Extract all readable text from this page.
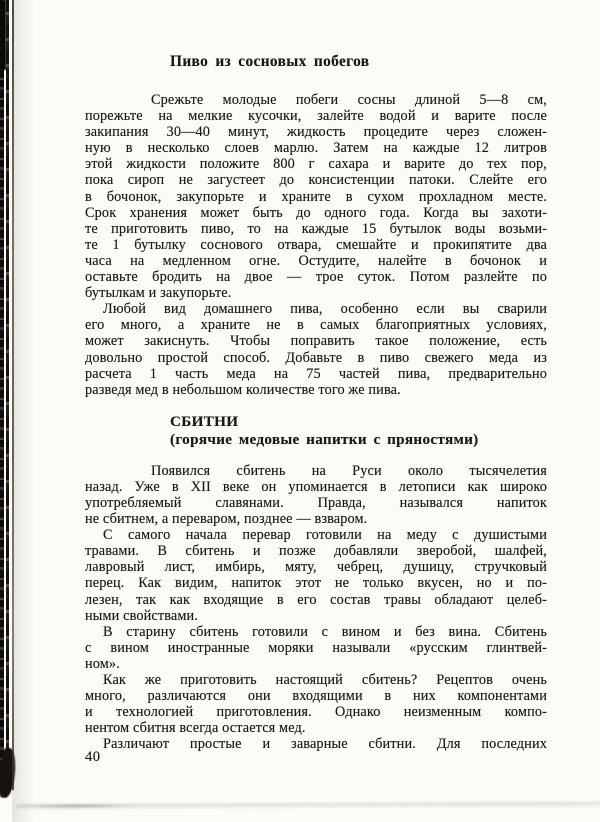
Пиво из сосновых побегов
Срежьте молодые побеги сосны длиной 5—8 см,
порежьте на мелкие кусочки, залейте водой и варите после
закипания 30—40 минут, жидкость процедите через сложен-
ную в несколько слоев марлю. Затем на каждые 12 литров
этой жидкости положите 800 г сахара и варите до тех пор,
пока сироп не загустеет до консистенции патоки. Слейте его
в бочонок, закупорьте и храните в сухом прохладном месте.
Срок хранения может быть до одного года. Когда вы захоти-
те приготовить пиво, то на каждые 15 бутылок воды возьми-
те 1 бутылку соснового отвара, смешайте и прокипятите два
часа на медленном огне. Остудите, налейте в бочонок и
оставьте бродить на двое — трое суток. Потом разлейте по
бутылкам и закупорьте.
Любой вид домашнего пива, особенно если вы сварили
его много, а храните не в самых благоприятных условиях,
может закиснуть. Чтобы поправить такое положение, есть
довольно простой способ. Добавьте в пиво свежего меда из
расчета 1 часть меда на 75 частей пива, предварительно
разведя мед в небольшом количестве того же пива.
СБИТНИ
(горячие медовые напитки с пряностями)
Появился сбитень на Руси около тысячелетия
назад. Уже в XII веке он упоминается в летописи как широко
употребляемый славянами. Правда, назывался напиток
не сбитнем, а переваром, позднее — взваром.
С самого начала перевар готовили на меду с душистыми
травами. В сбитень и позже добавляли зверобой, шалфей,
лавровый лист, имбирь, мяту, чебрец, душицу, стручковый
перец. Как видим, напиток этот не только вкусен, но и по-
лезен, так как входящие в его состав травы обладают целеб-
ными свойствами.
В старину сбитень готовили с вином и без вина. Сбитень
с вином иностранные моряки называли «русским глинтвей-
ном».
Как же приготовить настоящий сбитень? Рецептов очень
много, различаются они входящими в них компонентами
и технологией приготовления. Однако неизменным компо-
нентом сбитня всегда остается мед.
Различают простые и заварные сбитни. Для последних
40
